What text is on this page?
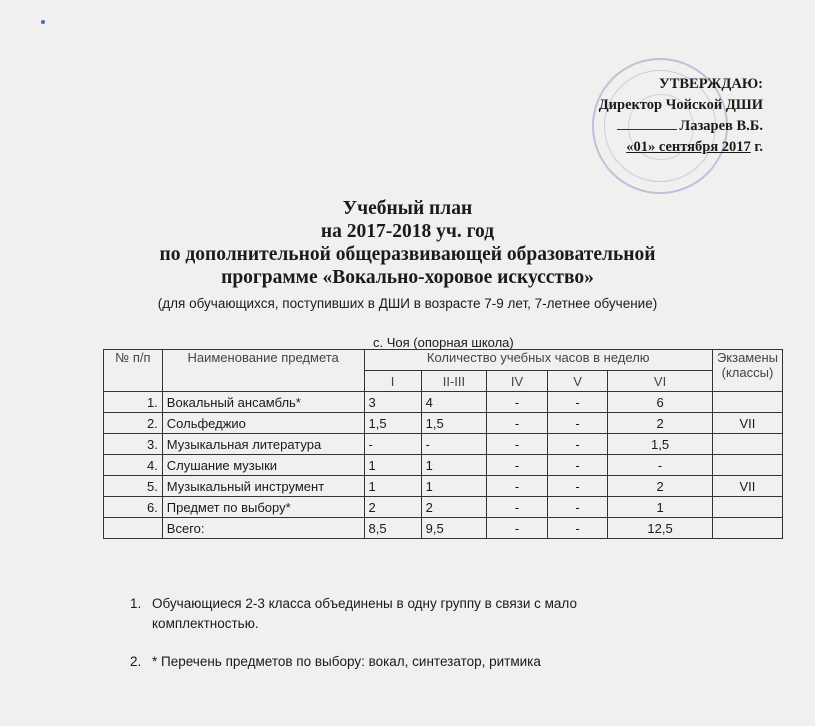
УТВЕРЖДАЮ:
Директор Чойской ДШИ
Лазарев В.Б.
«01» сентября 2017 г.
Учебный план
на 2017-2018 уч. год
по дополнительной общеразвивающей образовательной
программе «Вокально-хоровое искусство»
(для обучающихся, поступивших в ДШИ в возрасте 7-9 лет, 7-летнее обучение)
с. Чоя (опорная школа)
№ п/п	Наименование предмета	Количество учебных часов в неделю					Экзамены (классы)
		I	II-III	IV	V	VI	
1.	Вокальный ансамбль*	3	4	-	-	6	
2.	Сольфеджио	1,5	1,5	-	-	2	VII
3.	Музыкальная литература	-	-	-	-	1,5	
4.	Слушание музыки	1	1	-	-	-	
5.	Музыкальный инструмент	1	1	-	-	2	VII
6.	Предмет по выбору*	2	2	-	-	1	
	Всего:	8,5	9,5	-	-	12,5	
1. Обучающиеся 2-3 класса объединены в одну группу в связи с мало комплектностью.
2. * Перечень предметов по выбору: вокал, синтезатор, ритмика
